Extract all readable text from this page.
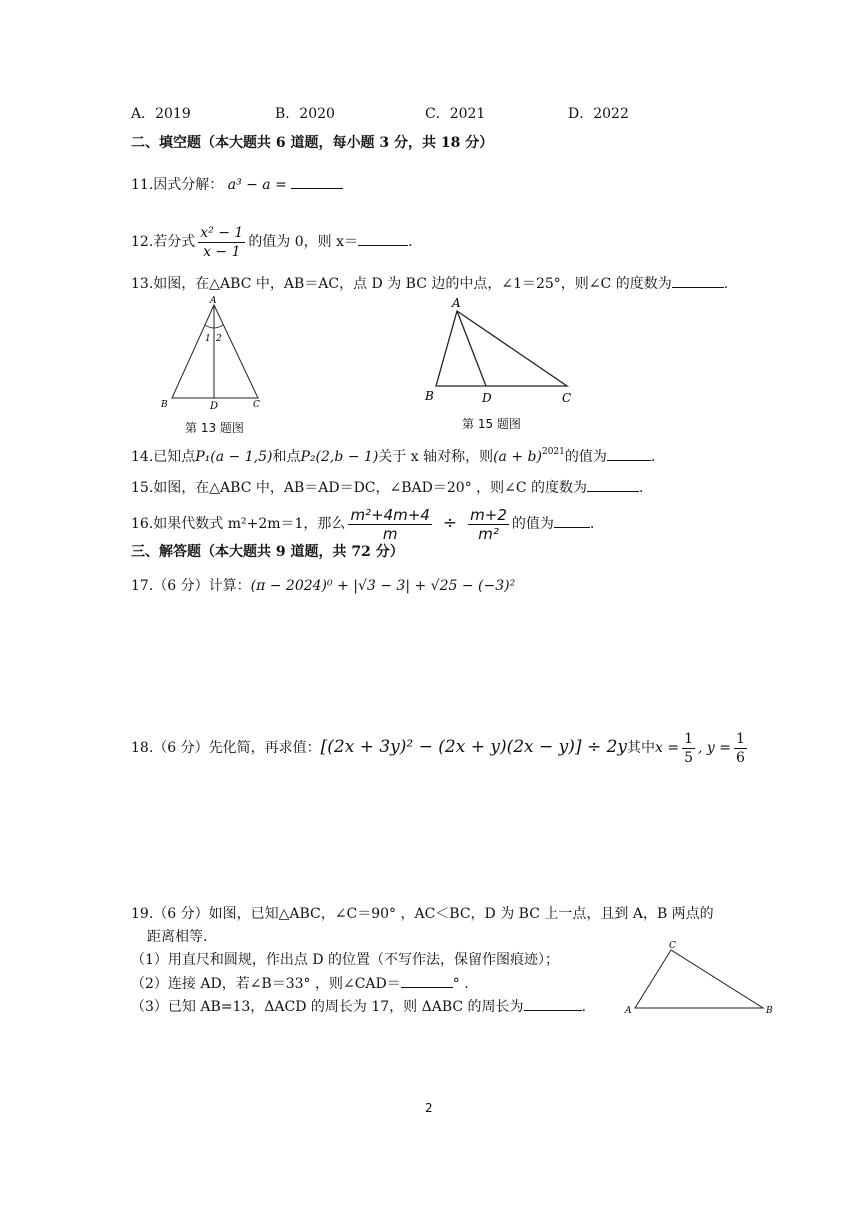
A．2019	B．2020	C．2021	D．2022
二、填空题（本大题共 6 道题，每小题 3 分，共 18 分）
11.因式分解： a³ − a =
12.若分式 $\frac{\text{x² − 1}}{x - 1}$ 的值为 0，则 x＝	.
13.如图，在△ABC 中，AB＝AC，点 D 为 BC 边的中点，∠1＝25°，则∠C 的度数为	.
A
1 2
B	D	C
第 13 题图
A
B	D	C
第 15 题图
14.已知点P₁(a − 1,5)和点P₂(2,b − 1)关于 x 轴对称，则$(a + b)^{2021}$的值为	.
15.如图，在△ABC 中，AB＝AD＝DC，∠BAD＝20° ，则∠C 的度数为	.
16.如果代数式 m²+2m＝1，那么 $\frac{\text{m²+4m+4}}{m} \div \frac{m+2}{\text{m²}}$ 的值为	.
三、解答题（本大题共 9 道题，共 72 分）
17.（6 分）计算：(π − 2024)⁰ + |√3 − 3| + √25 − (−3)²
18.（6 分）先化简，再求值：[(2x + 3y)² − (2x + y)(2x − y)] ÷ 2y其中$x = \frac{1}{5}$ , $y = \frac{1}{6}$
19.（6 分）如图，已知△ABC，∠C＝90° ，AC＜BC，D 为 BC 上一点，且到 A，B 两点的
距离相等.
（1）用直尺和圆规，作出点 D 的位置（不写作法，保留作图痕迹）；
（2）连接 AD，若∠B＝33° ，则∠CAD＝	° .
（3）已知 AB=13，ΔACD 的周长为 17，则 ΔABC 的周长为	.
C
A	B
2
